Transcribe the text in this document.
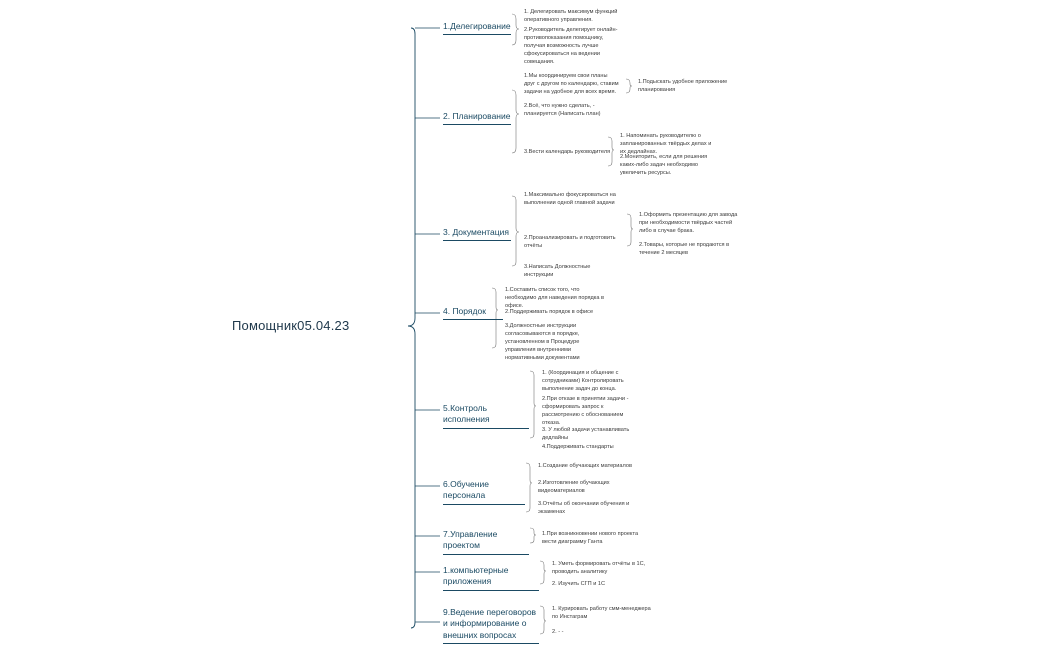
Помощник05.04.23
1.Делегирование
1. Делегировать максимум функций оперативного управления.
2.Руководитель делегирует онлайн-противопоказания помощнику, получая возможность лучше сфокусироваться на ведении совещания.
2. Планирование
1.Мы координируем свои планы друг с другом по календарю, ставим задачи на удобное для всех время.
1.Подыскать удобное приложение планирования
2.Всё, что нужно сделать, - планируется (Написать план)
3.Вести календарь руководителя
1. Напоминать руководителю о запланированных твёрдых делах и их дедлайнах.
2.Мониторить, если для решения каких-либо задач необходимо увеличить ресурсы.
3. Документация
1.Максимально фокусироваться на выполнении одной главной задачи
2.Проанализировать и подготовить отчёты
1.Оформить презентацию для завода при необходимости твёрдых частей либо в случае брака.
2.Товары, которые не продаются в течение 2 месяцев
3.Написать Должностные инструкции
4. Порядок
1.Составить список того, что необходимо для наведения порядка в офисе.
2.Поддерживать порядок в офисе
3.Должностные инструкции согласовываются в порядке, установленном в Процедуре управления внутренними нормативными документами
5.Контроль исполнения
1. (Координация и общение с сотрудниками) Контролировать выполнение задач до конца.
2.При отказе в принятии задачи - сформировать запрос к рассмотрению с обоснованием отказа.
3. У любой задачи устанавливать дедлайны
4.Поддерживать стандарты
6.Обучение персонала
1.Создание обучающих материалов
2.Изготовление обучающих видеоматериалов
3.Отчёты об окончании обучения и экзаменах
7.Управление проектом
1.При возникновении нового проекта вести диаграмму Ганта
1.компьютерные приложения
1. Уметь формировать отчёты в 1С, проводить аналитику
2. Изучить СГП и 1С
9.Ведение переговоров и информирование о внешних вопросах
1. Курировать работу смм-менеджера по Инстаграм
2. - -
